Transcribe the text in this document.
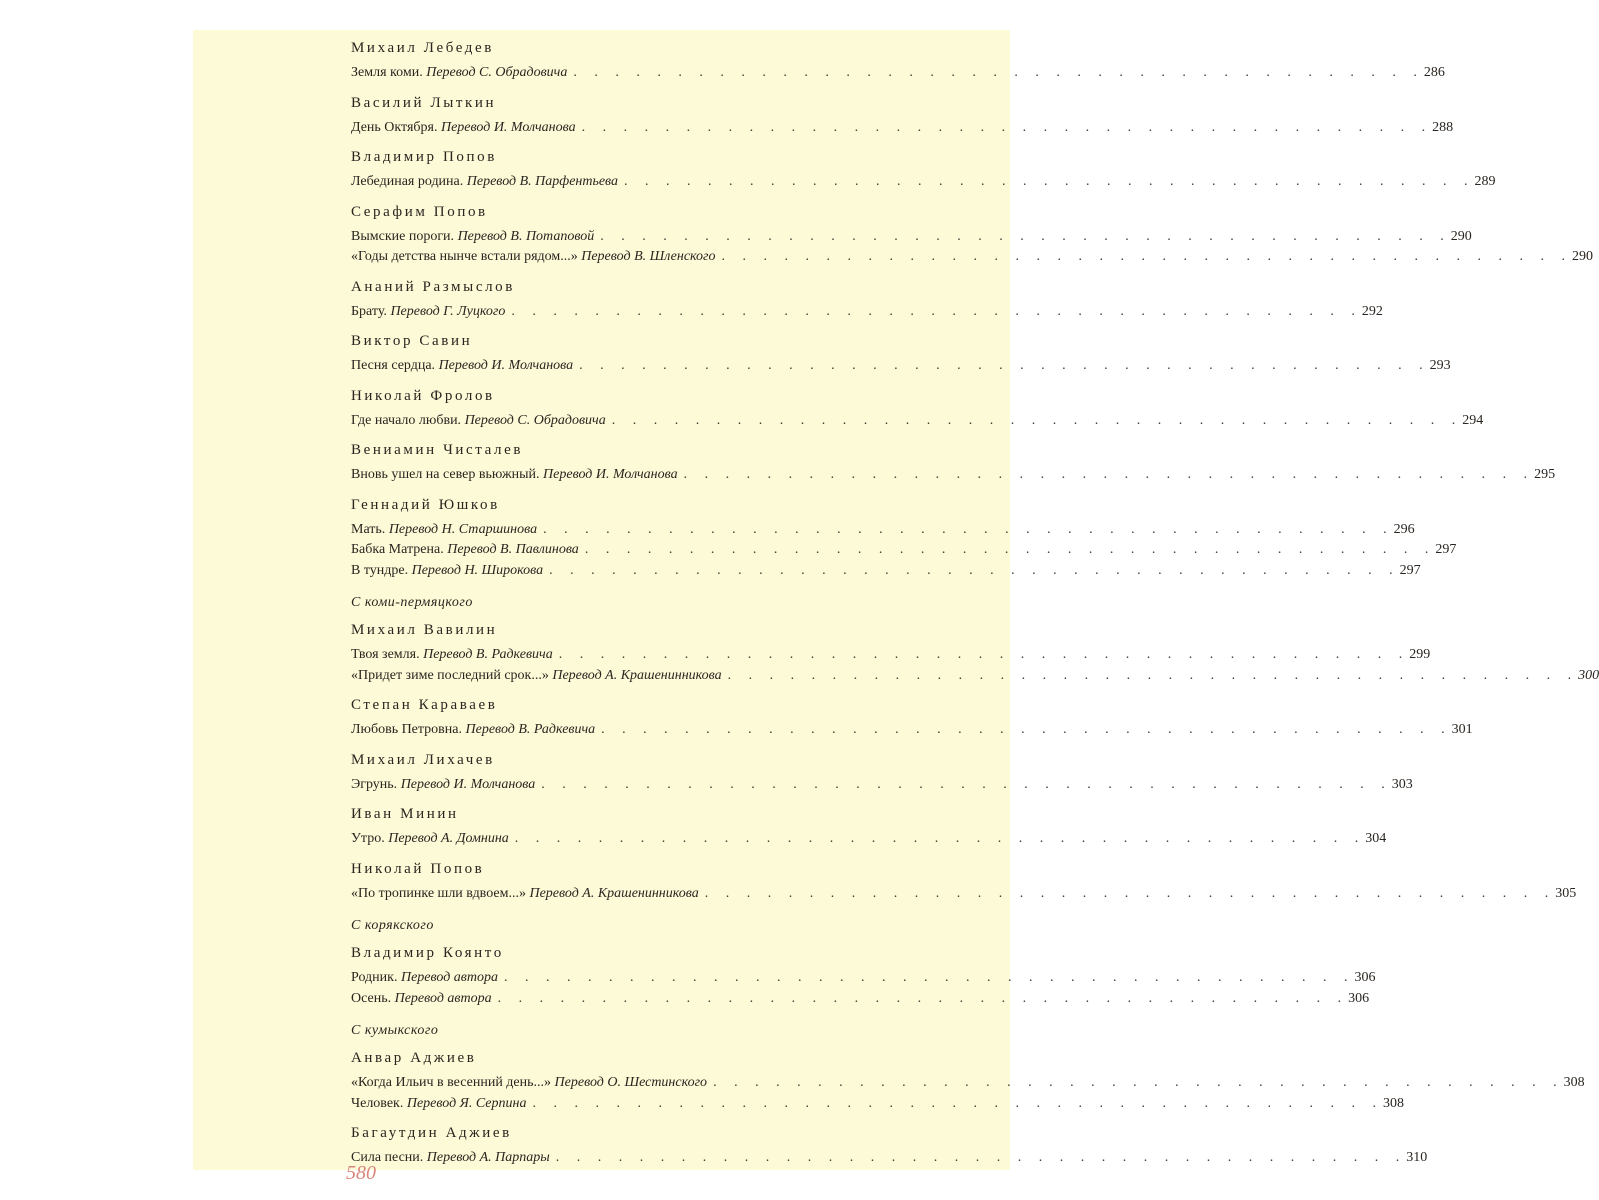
Михаил Лебедев
Земля коми.
Перевод С. Обрадовича . . . . . . . . . . . . . . . . . . . . . . . . . . . . . . . . . . . . . . . . . 286
Василий Лыткин
День Октября.
Перевод И. Молчанова . . . . . . . . . . . . . . . . . . . . . . . . . . . . . . . . . . . . . . . . . 288
Владимир Попов
Лебединая родина.
Перевод В. Парфентьева . . . . . . . . . . . . . . . . . . . . . . . . . . . . . . . . . . . . . . . . . 289
Серафим Попов
Вымские пороги.
Перевод В. Потаповой . . . . . . . . . . . . . . . . . . . . . . . . . . . . . . . . . . . . . . . . . 290
«Годы детства нынче встали рядом...»
Перевод В. Шленского . . . . . . . . . . . . . . . . . . . . . . . . . . . . . . . . . . . . . . . . . 290
Ананий Размыслов
Брату.
Перевод Г. Луцкого . . . . . . . . . . . . . . . . . . . . . . . . . . . . . . . . . . . . . . . . . 292
Виктор Савин
Песня сердца.
Перевод И. Молчанова . . . . . . . . . . . . . . . . . . . . . . . . . . . . . . . . . . . . . . . . . 293
Николай Фролов
Где начало любви.
Перевод С. Обрадовича . . . . . . . . . . . . . . . . . . . . . . . . . . . . . . . . . . . . . . . . . 294
Вениамин Чисталев
Вновь ушел на север вьюжный.
Перевод И. Молчанова . . . . . . . . . . . . . . . . . . . . . . . . . . . . . . . . . . . . . . . . . 295
Геннадий Юшков
Мать.
Перевод Н. Старшинова . . . . . . . . . . . . . . . . . . . . . . . . . . . . . . . . . . . . . . . . . 296
Бабка Матрена.
Перевод В. Павлинова . . . . . . . . . . . . . . . . . . . . . . . . . . . . . . . . . . . . . . . . . 297
В тундре.
Перевод Н. Широкова . . . . . . . . . . . . . . . . . . . . . . . . . . . . . . . . . . . . . . . . . 297
С коми-пермяцкого
Михаил Вавилин
Твоя земля.
Перевод В. Радкевича . . . . . . . . . . . . . . . . . . . . . . . . . . . . . . . . . . . . . . . . . 299
«Придет зиме последний срок...»
Перевод А. Крашенинникова . . . . . . . . . . . . . . . . . . . . . . . . . . . . . . . . . . . . . . . . . 300
Степан Караваев
Любовь Петровна.
Перевод В. Радкевича . . . . . . . . . . . . . . . . . . . . . . . . . . . . . . . . . . . . . . . . . 301
Михаил Лихачев
Эгрунь.
Перевод И. Молчанова . . . . . . . . . . . . . . . . . . . . . . . . . . . . . . . . . . . . . . . . . 303
Иван Минин
Утро.
Перевод А. Домнина . . . . . . . . . . . . . . . . . . . . . . . . . . . . . . . . . . . . . . . . . 304
Николай Попов
«По тропинке шли вдвоем...»
Перевод А. Крашенинникова . . . . . . . . . . . . . . . . . . . . . . . . . . . . . . . . . . . . . . . . . 305
С корякского
Владимир Коянто
Родник.
Перевод автора . . . . . . . . . . . . . . . . . . . . . . . . . . . . . . . . . . . . . . . . . 306
Осень.
Перевод автора . . . . . . . . . . . . . . . . . . . . . . . . . . . . . . . . . . . . . . . . . 306
С кумыкского
Анвар Аджиев
«Когда Ильич в весенний день...»
Перевод О. Шестинского . . . . . . . . . . . . . . . . . . . . . . . . . . . . . . . . . . . . . . . . . 308
Человек.
Перевод Я. Серпина . . . . . . . . . . . . . . . . . . . . . . . . . . . . . . . . . . . . . . . . . 308
Багаутдин Аджиев
Сила песни.
Перевод А. Парпары . . . . . . . . . . . . . . . . . . . . . . . . . . . . . . . . . . . . . . . . . 310
580
